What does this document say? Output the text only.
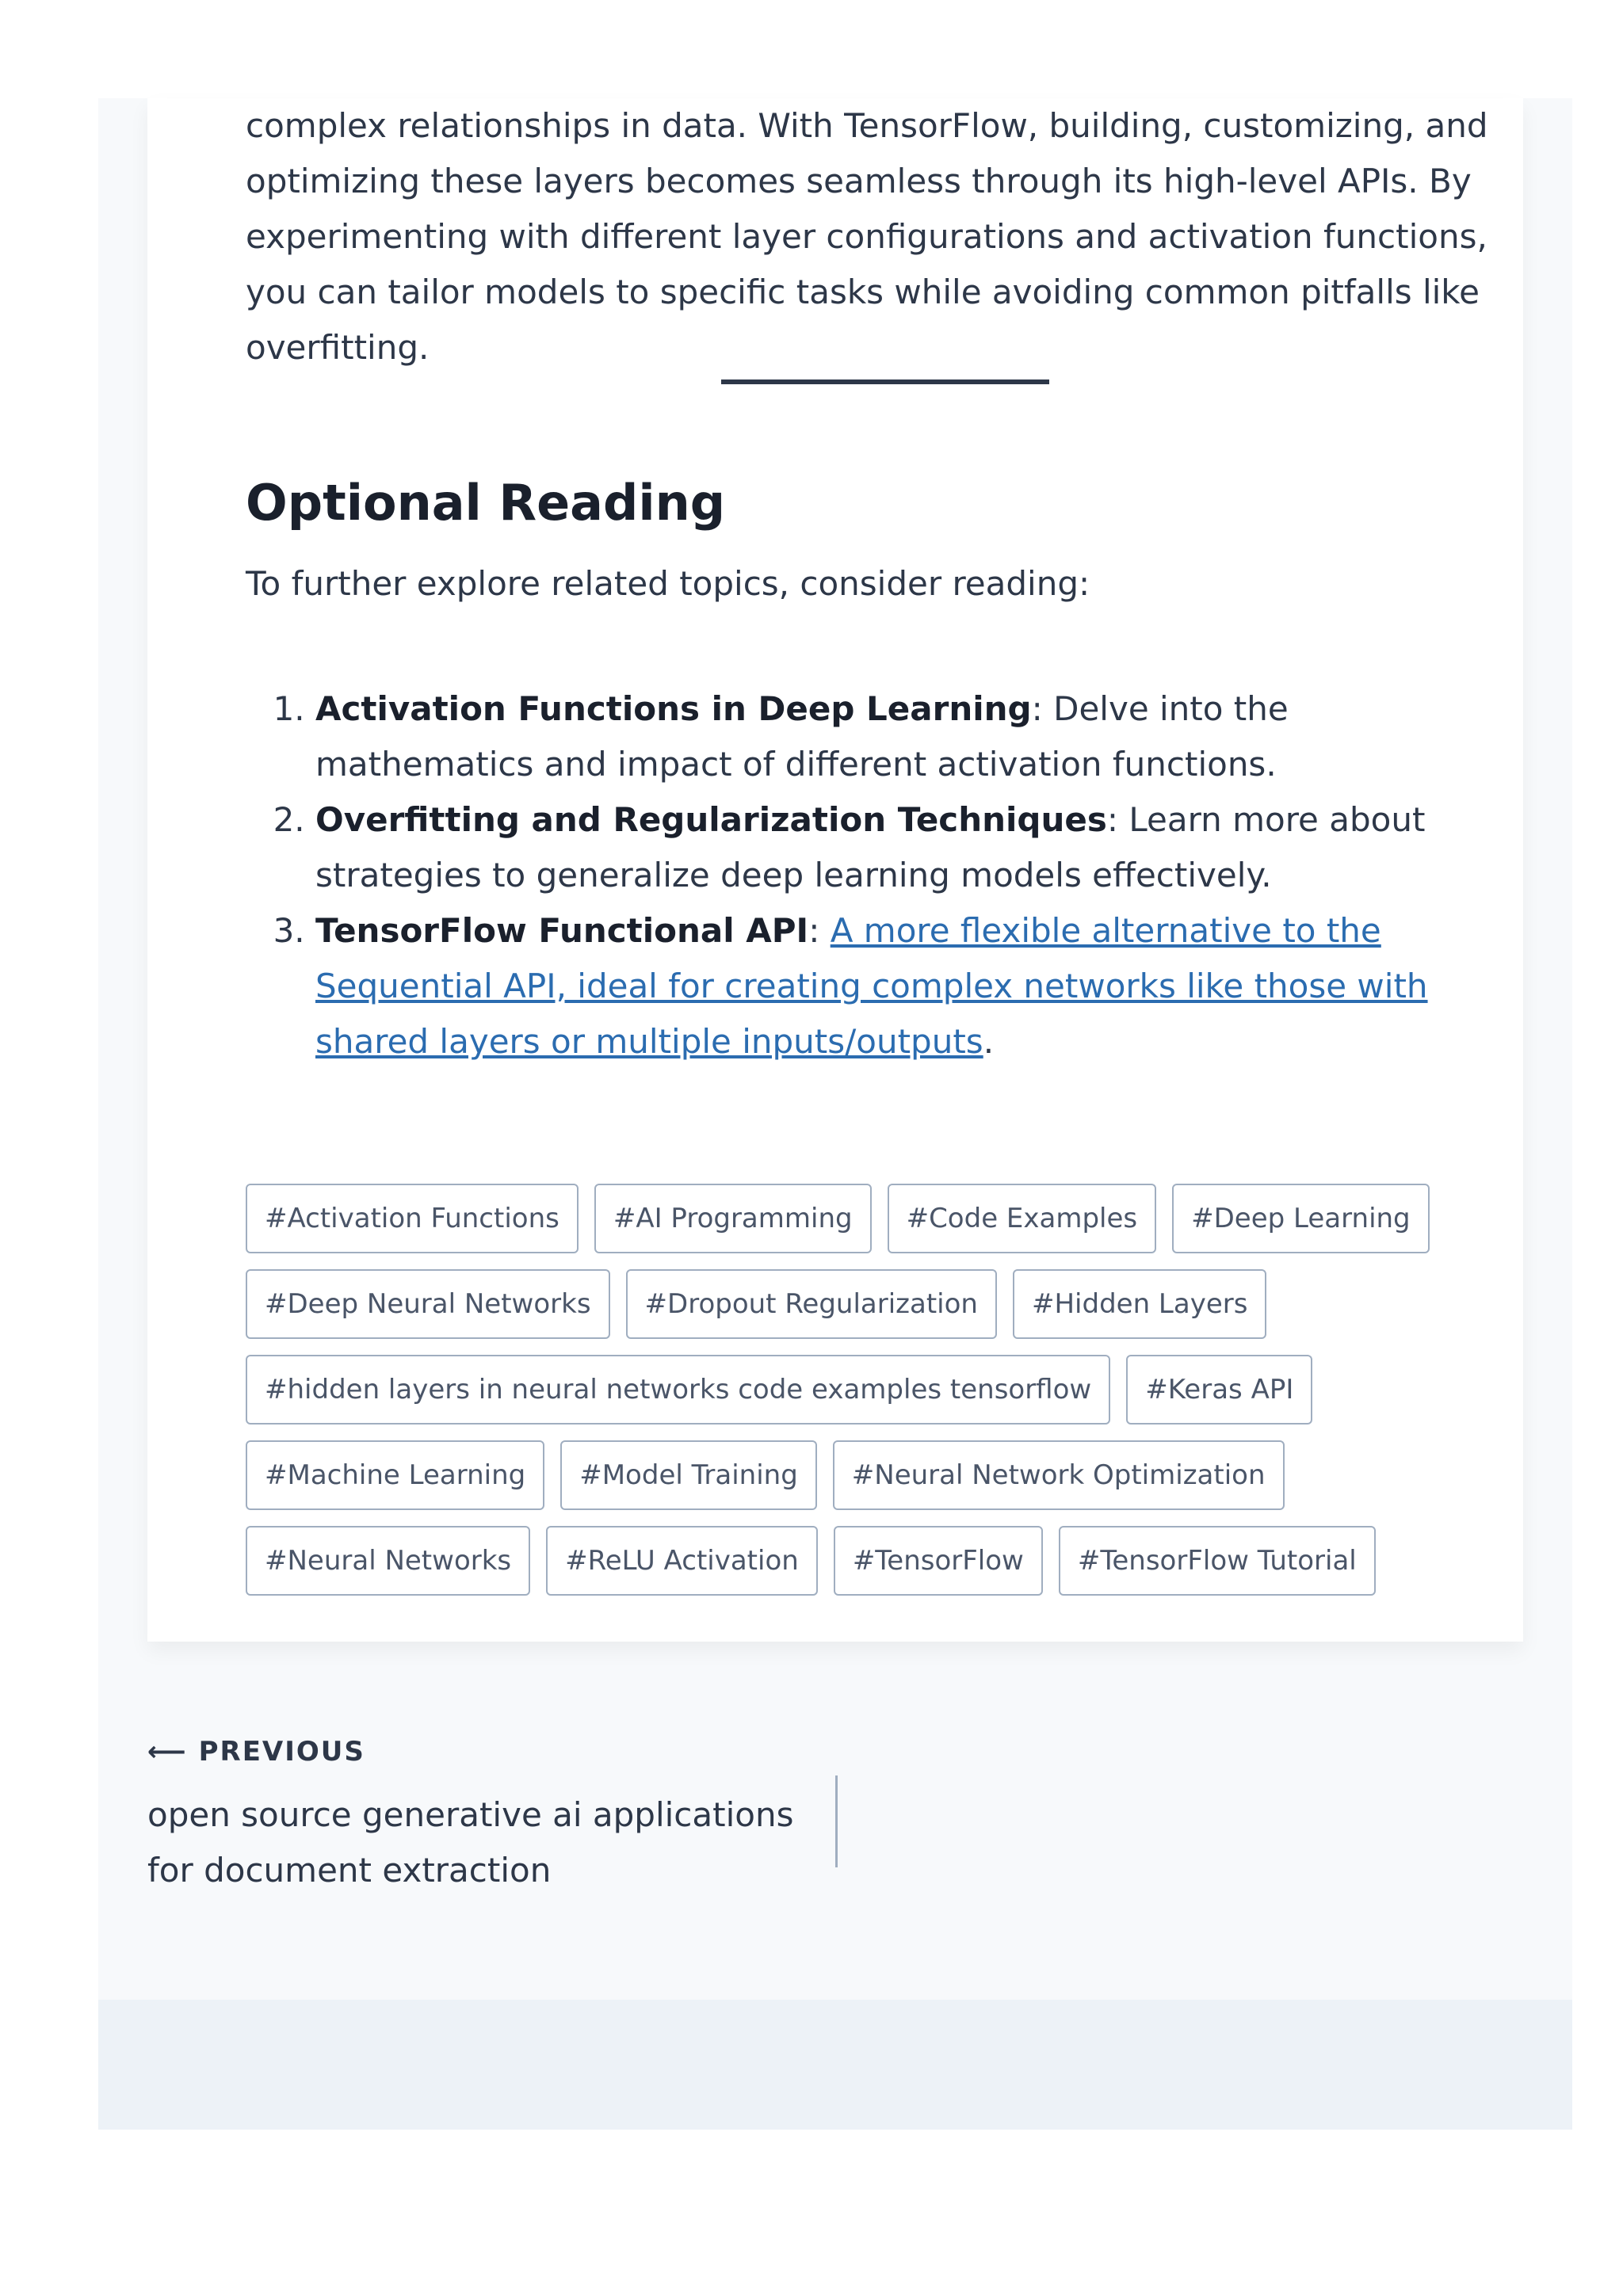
complex relationships in data. With TensorFlow, building, customizing, and optimizing these layers becomes seamless through its high-level APIs. By experimenting with different layer configurations and activation functions, you can tailor models to specific tasks while avoiding common pitfalls like overfitting.

Optional Reading

To further explore related topics, consider reading:

1. Activation Functions in Deep Learning: Delve into the mathematics and impact of different activation functions.
2. Overfitting and Regularization Techniques: Learn more about strategies to generalize deep learning models effectively.
3. TensorFlow Functional API: A more flexible alternative to the Sequential API, ideal for creating complex networks like those with shared layers or multiple inputs/outputs.
#Activation Functions	#AI Programming	#Code Examples	#Deep Learning
#Deep Neural Networks	#Dropout Regularization	#Hidden Layers
#hidden layers in neural networks code examples tensorflow	#Keras API
#Machine Learning	#Model Training	#Neural Network Optimization
#Neural Networks	#ReLU Activation	#TensorFlow	#TensorFlow Tutorial
⟵ PREVIOUS
open source generative ai applications for document extraction
